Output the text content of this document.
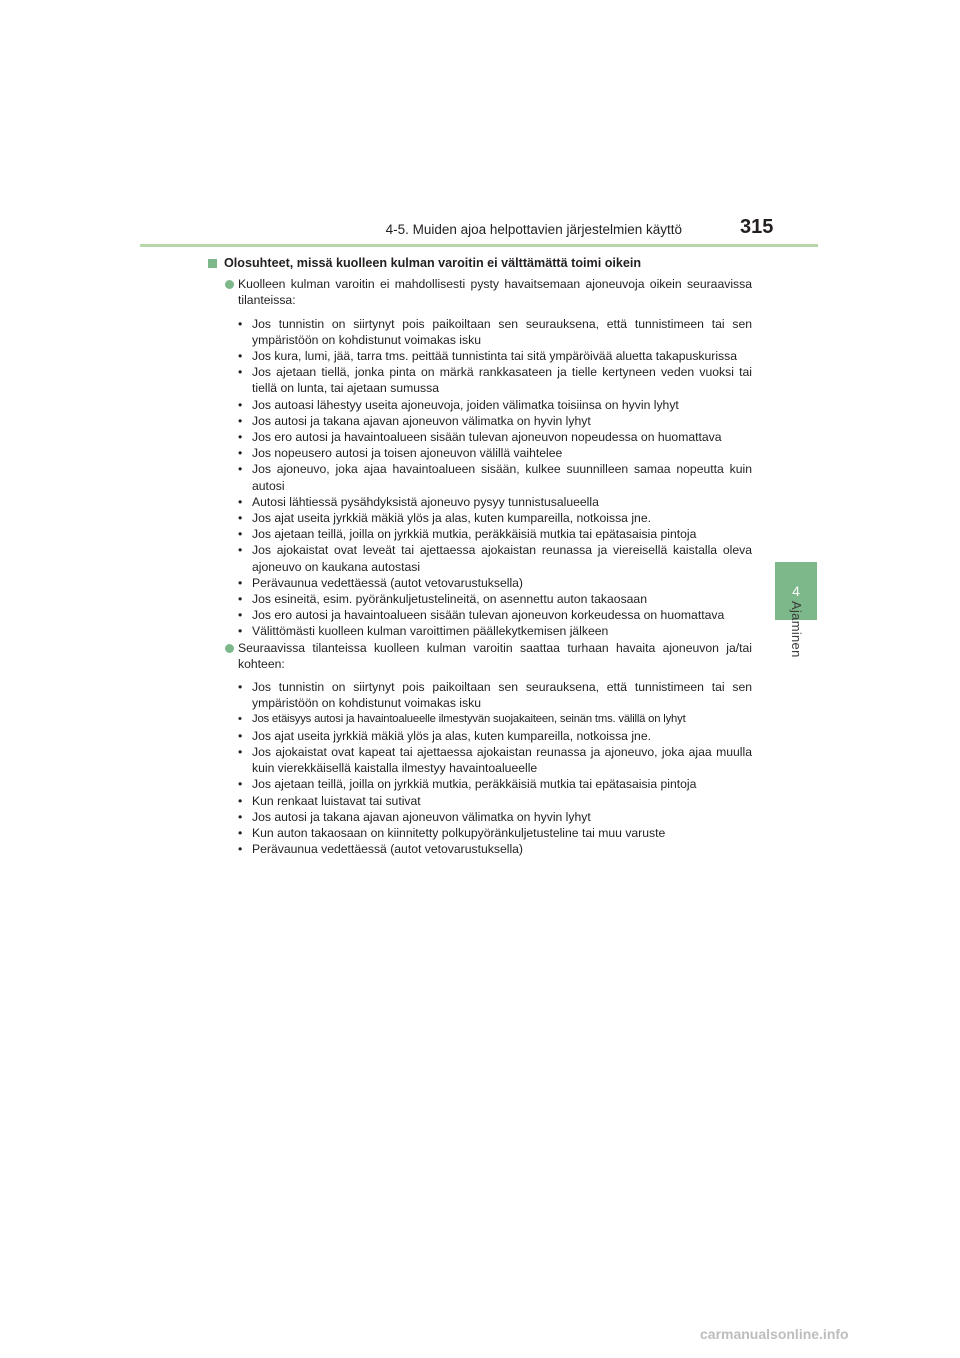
4-5. Muiden ajoa helpottavien järjestelmien käyttö	315
4
Ajaminen
Olosuhteet, missä kuolleen kulman varoitin ei välttämättä toimi oikein
Kuolleen kulman varoitin ei mahdollisesti pysty havaitsemaan ajoneuvoja oikein seuraavissa tilanteissa:
• Jos tunnistin on siirtynyt pois paikoiltaan sen seurauksena, että tunnistimeen tai sen ympäristöön on kohdistunut voimakas isku
• Jos kura, lumi, jää, tarra tms. peittää tunnistinta tai sitä ympäröivää aluetta takapuskurissa
• Jos ajetaan tiellä, jonka pinta on märkä rankkasateen ja tielle kertyneen veden vuoksi tai tiellä on lunta, tai ajetaan sumussa
• Jos autoasi lähestyy useita ajoneuvoja, joiden välimatka toisiinsa on hyvin lyhyt
• Jos autosi ja takana ajavan ajoneuvon välimatka on hyvin lyhyt
• Jos ero autosi ja havaintoalueen sisään tulevan ajoneuvon nopeudessa on huomattava
• Jos nopeusero autosi ja toisen ajoneuvon välillä vaihtelee
• Jos ajoneuvo, joka ajaa havaintoalueen sisään, kulkee suunnilleen samaa nopeutta kuin autosi
• Autosi lähtiessä pysähdyksistä ajoneuvo pysyy tunnistusalueella
• Jos ajat useita jyrkkiä mäkiä ylös ja alas, kuten kumpareilla, notkoissa jne.
• Jos ajetaan teillä, joilla on jyrkkiä mutkia, peräkkäisiä mutkia tai epätasaisia pintoja
• Jos ajokaistat ovat leveät tai ajettaessa ajokaistan reunassa ja viereisellä kaistalla oleva ajoneuvo on kaukana autostasi
• Perävaunua vedettäessä (autot vetovarustuksella)
• Jos esineitä, esim. pyöränkuljetustelineitä, on asennettu auton takaosaan
• Jos ero autosi ja havaintoalueen sisään tulevan ajoneuvon korkeudessa on huomattava
• Välittömästi kuolleen kulman varoittimen päällekytkemisen jälkeen
Seuraavissa tilanteissa kuolleen kulman varoitin saattaa turhaan havaita ajoneuvon ja/tai kohteen:
• Jos tunnistin on siirtynyt pois paikoiltaan sen seurauksena, että tunnistimeen tai sen ympäristöön on kohdistunut voimakas isku
• Jos etäisyys autosi ja havaintoalueelle ilmestyvän suojakaiteen, seinän tms. välillä on lyhyt
• Jos ajat useita jyrkkiä mäkiä ylös ja alas, kuten kumpareilla, notkoissa jne.
• Jos ajokaistat ovat kapeat tai ajettaessa ajokaistan reunassa ja ajoneuvo, joka ajaa muulla kuin vierekkäisellä kaistalla ilmestyy havaintoalueelle
• Jos ajetaan teillä, joilla on jyrkkiä mutkia, peräkkäisiä mutkia tai epätasaisia pintoja
• Kun renkaat luistavat tai sutivat
• Jos autosi ja takana ajavan ajoneuvon välimatka on hyvin lyhyt
• Kun auton takaosaan on kiinnitetty polkupyöränkuljetusteline tai muu varuste
• Perävaunua vedettäessä (autot vetovarustuksella)
carmanualsonline.info
